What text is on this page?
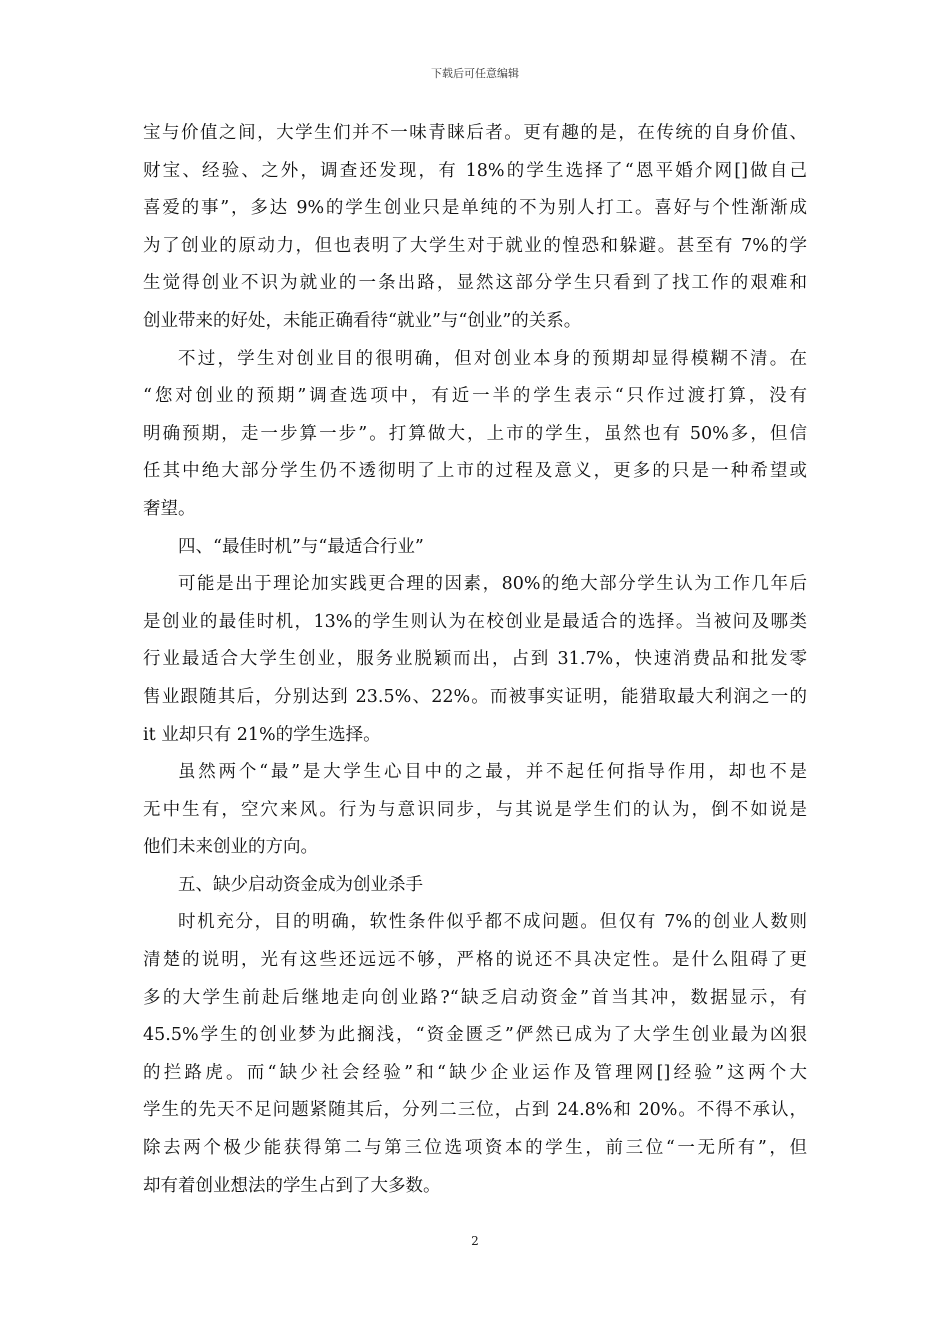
下载后可任意编辑
宝与价值之间，大学生们并不一味青睐后者。更有趣的是，在传统的自身价值、
财宝、经验、之外，调查还发现，有 18%的学生选择了“恩平婚介网[]做自己
喜爱的事”，多达 9%的学生创业只是单纯的不为别人打工。喜好与个性渐渐成
为了创业的原动力，但也表明了大学生对于就业的惶恐和躲避。甚至有 7%的学
生觉得创业不识为就业的一条出路，显然这部分学生只看到了找工作的艰难和
创业带来的好处，未能正确看待“就业”与“创业”的关系。
不过，学生对创业目的很明确，但对创业本身的预期却显得模糊不清。在
“您对创业的预期”调查选项中，有近一半的学生表示“只作过渡打算，没有
明确预期，走一步算一步”。打算做大，上市的学生，虽然也有 50%多，但信
任其中绝大部分学生仍不透彻明了上市的过程及意义，更多的只是一种希望或
奢望。
四、“最佳时机”与“最适合行业”
可能是出于理论加实践更合理的因素，80%的绝大部分学生认为工作几年后
是创业的最佳时机，13%的学生则认为在校创业是最适合的选择。当被问及哪类
行业最适合大学生创业，服务业脱颖而出，占到 31.7%，快速消费品和批发零
售业跟随其后，分别达到 23.5%、22%。而被事实证明，能猎取最大利润之一的
it 业却只有 21%的学生选择。
虽然两个“最”是大学生心目中的之最，并不起任何指导作用，却也不是
无中生有，空穴来风。行为与意识同步，与其说是学生们的认为，倒不如说是
他们未来创业的方向。
五、缺少启动资金成为创业杀手
时机充分，目的明确，软性条件似乎都不成问题。但仅有 7%的创业人数则
清楚的说明，光有这些还远远不够，严格的说还不具决定性。是什么阻碍了更
多的大学生前赴后继地走向创业路?“缺乏启动资金”首当其冲，数据显示，有
45.5%学生的创业梦为此搁浅，“资金匮乏”俨然已成为了大学生创业最为凶狠
的拦路虎。而“缺少社会经验”和“缺少企业运作及管理网[]经验”这两个大
学生的先天不足问题紧随其后，分列二三位，占到 24.8%和 20%。不得不承认，
除去两个极少能获得第二与第三位选项资本的学生，前三位“一无所有”，但
却有着创业想法的学生占到了大多数。
2
